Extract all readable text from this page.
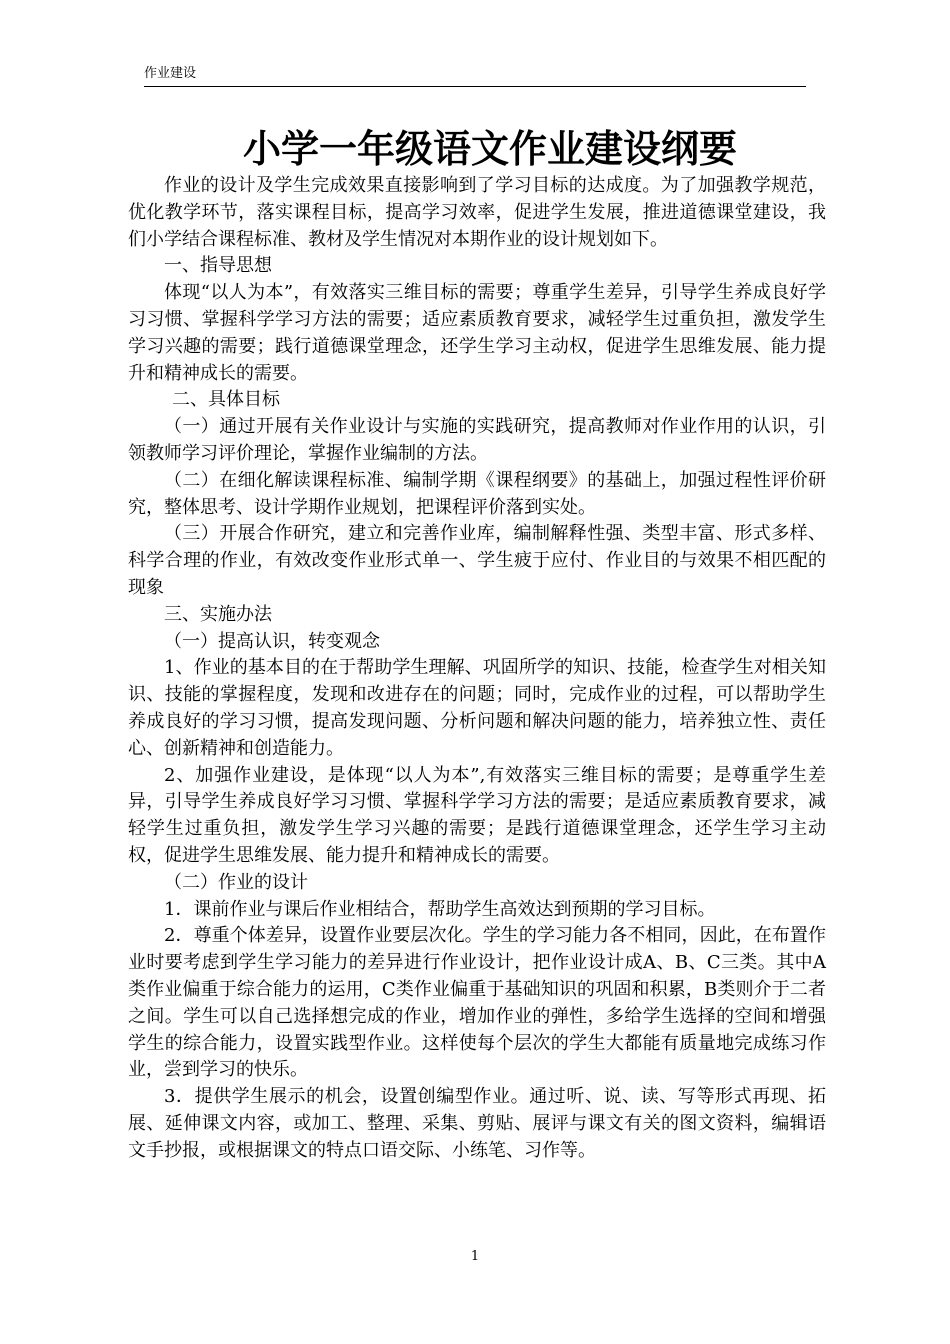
作业建设
小学一年级语文作业建设纲要

作业的设计及学生完成效果直接影响到了学习目标的达成度。为了加强教学规范，优化教学环节，落实课程目标，提高学习效率，促进学生发展，推进道德课堂建设，我们小学结合课程标准、教材及学生情况对本期作业的设计规划如下。

一、指导思想

体现“以人为本”，有效落实三维目标的需要；尊重学生差异，引导学生养成良好学习习惯、掌握科学学习方法的需要；适应素质教育要求，减轻学生过重负担，激发学生学习兴趣的需要；践行道德课堂理念，还学生学习主动权，促进学生思维发展、能力提升和精神成长的需要。

二、具体目标

（一）通过开展有关作业设计与实施的实践研究，提高教师对作业作用的认识，引领教师学习评价理论，掌握作业编制的方法。

（二）在细化解读课程标准、编制学期《课程纲要》的基础上，加强过程性评价研究，整体思考、设计学期作业规划，把课程评价落到实处。

（三）开展合作研究，建立和完善作业库，编制解释性强、类型丰富、形式多样、科学合理的作业，有效改变作业形式单一、学生疲于应付、作业目的与效果不相匹配的现象

三、实施办法

（一）提高认识，转变观念

1、作业的基本目的在于帮助学生理解、巩固所学的知识、技能，检查学生对相关知识、技能的掌握程度，发现和改进存在的问题；同时，完成作业的过程，可以帮助学生养成良好的学习习惯，提高发现问题、分析问题和解决问题的能力，培养独立性、责任心、创新精神和创造能力。

2、加强作业建设，是体现“以人为本”,有效落实三维目标的需要；是尊重学生差异，引导学生养成良好学习习惯、掌握科学学习方法的需要；是适应素质教育要求，减轻学生过重负担，激发学生学习兴趣的需要；是践行道德课堂理念，还学生学习主动权，促进学生思维发展、能力提升和精神成长的需要。

（二）作业的设计

1．课前作业与课后作业相结合，帮助学生高效达到预期的学习目标。

2．尊重个体差异，设置作业要层次化。学生的学习能力各不相同，因此，在布置作业时要考虑到学生学习能力的差异进行作业设计，把作业设计成A、B、C三类。其中A类作业偏重于综合能力的运用，C类作业偏重于基础知识的巩固和积累，B类则介于二者之间。学生可以自己选择想完成的作业，增加作业的弹性，多给学生选择的空间和增强学生的综合能力，设置实践型作业。这样使每个层次的学生大都能有质量地完成练习作业，尝到学习的快乐。

3．提供学生展示的机会，设置创编型作业。通过听、说、读、写等形式再现、拓展、延伸课文内容，或加工、整理、采集、剪贴、展评与课文有关的图文资料，编辑语文手抄报，或根据课文的特点口语交际、小练笔、习作等。

1
